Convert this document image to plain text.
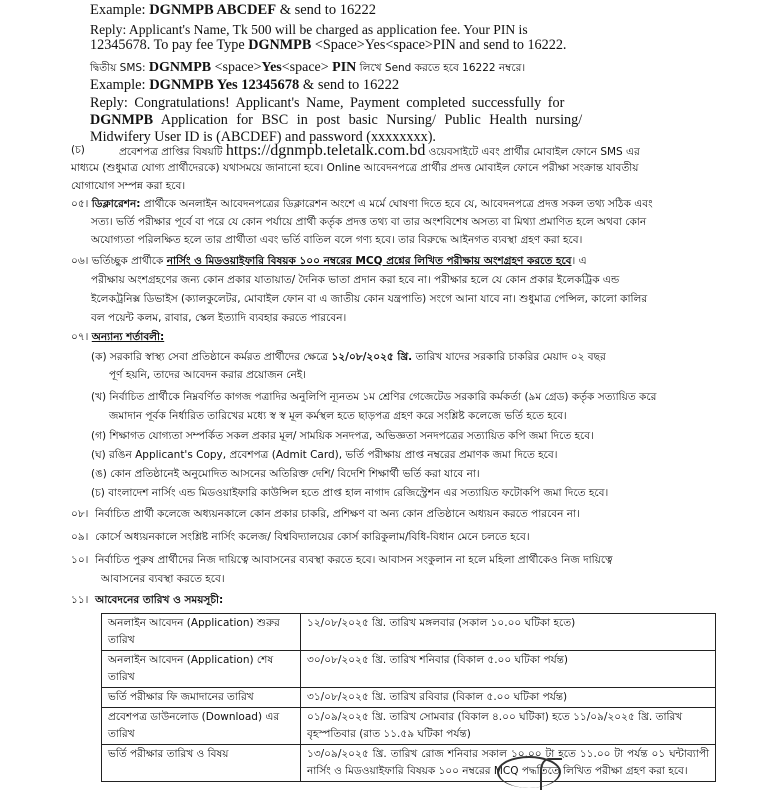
Example: DGNMPB ABCDEF & send to 16222
Reply: Applicant's Name, Tk 500 will be charged as application fee. Your PIN is
12345678. To pay fee Type DGNMPB <Space>Yes<space>PIN and send to 16222.
দ্বিতীয় SMS: DGNMPB <space>Yes<space> PIN লিখে Send করতে হবে 16222 নম্বরে।
Example: DGNMPB Yes 12345678 & send to 16222
Reply: Congratulations! Applicant's Name, Payment completed successfully for
DGNMPB Application for BSC in post basic Nursing/ Public Health nursing/
Midwifery User ID is (ABCDEF) and password (xxxxxxxx).
(চ)	প্রবেশপত্র প্রাপ্তির বিষয়টি https://dgnmpb.teletalk.com.bd ওয়েবসাইটে এবং প্রার্থীর মোবাইল ফোনে SMS এর
মাধ্যমে (শুধুমাত্র যোগ্য প্রার্থীদেরকে) যথাসময়ে জানানো হবে। Online আবেদনপত্রে প্রার্থীর প্রদত্ত মোবাইল ফোনে পরীক্ষা সংক্রান্ত যাবতীয়
যোগাযোগ সম্পন্ন করা হবে।
০৫। ডিক্লারেশন: প্রার্থীকে অনলাইন আবেদনপত্রের ডিক্লারেশন অংশে এ মর্মে ঘোষণা দিতে হবে যে, আবেদনপত্রে প্রদত্ত সকল তথ্য সঠিক এবং
সত্য। ভর্তি পরীক্ষার পূর্বে বা পরে যে কোন পর্যায়ে প্রার্থী কর্তৃক প্রদত্ত তথ্য বা তার অংশবিশেষ অসত্য বা মিথ্যা প্রমাণিত হলে অথবা কোন
অযোগ্যতা পরিলক্ষিত হলে তার প্রার্থীতা এবং ভর্তি বাতিল বলে গণ্য হবে। তার বিরুদ্ধে আইনগত ব্যবস্থা গ্রহণ করা হবে।
০৬। ভর্তিচ্ছুক প্রার্থীকে নার্সিং ও মিডওয়াইফারি বিষয়ক ১০০ নম্বরের MCQ প্রশ্নের লিখিত পরীক্ষায় অংশগ্রহণ করতে হবে। এ
পরীক্ষায় অংশগ্রহণের জন্য কোন প্রকার যাতায়াত/ দৈনিক ভাতা প্রদান করা হবে না। পরীক্ষার হলে যে কোন প্রকার ইলেকট্রিক এন্ড
ইলেকট্রনিক্স ডিভাইস (ক্যালকুলেটর, মোবাইল ফোন বা এ জাতীয় কোন যন্ত্রপাতি) সংগে আনা যাবে না। শুধুমাত্র পেন্সিল, কালো কালির
বল পয়েন্ট কলম, রাবার, স্কেল ইত্যাদি ব্যবহার করতে পারবেন।
০৭। অন্যান্য শর্তাবলী:
(ক) সরকারি স্বাস্থ্য সেবা প্রতিষ্ঠানে কর্মরত প্রার্থীদের ক্ষেত্রে ১২/০৮/২০২৫ খ্রি. তারিখ যাদের সরকারি চাকরির মেয়াদ ০২ বছর
পূর্ণ হয়নি, তাদের আবেদন করার প্রয়োজন নেই।
(খ) নির্বাচিত প্রার্থীকে নিম্নবর্ণিত কাগজ পত্রাদির অনুলিপি ন্যূনতম ১ম শ্রেণির গেজেটেড সরকারি কর্মকর্তা (৯ম গ্রেড) কর্তৃক সত্যায়িত করে
জমাদান পূর্বক নির্ধারিত তারিখের মধ্যে স্ব স্ব মূল কর্মস্থল হতে ছাড়পত্র গ্রহণ করে সংশ্লিষ্ট কলেজে ভর্তি হতে হবে।
(গ) শিক্ষাগত যোগ্যতা সম্পর্কিত সকল প্রকার মূল/ সাময়িক সনদপত্র, অভিজ্ঞতা সনদপত্রের সত্যায়িত কপি জমা দিতে হবে।
(ঘ) রঙিন Applicant's Copy, প্রবেশপত্র (Admit Card), ভর্তি পরীক্ষায় প্রাপ্ত নম্বরের প্রমাণক জমা দিতে হবে।
(ঙ) কোন প্রতিষ্ঠানেই অনুমোদিত আসনের অতিরিক্ত দেশি/ বিদেশি শিক্ষার্থী ভর্তি করা যাবে না।
(চ) বাংলাদেশ নার্সিং এন্ড মিডওয়াইফারি কাউন্সিল হতে প্রাপ্ত হাল নাগাদ রেজিস্ট্রেশন এর সত্যায়িত ফটোকপি জমা দিতে হবে।
০৮। নির্বাচিত প্রার্থী কলেজে অধ্যয়নকালে কোন প্রকার চাকরি, প্রশিক্ষণ বা অন্য কোন প্রতিষ্ঠানে অধ্যয়ন করতে পারবেন না।
০৯। কোর্সে অধ্যয়নকালে সংশ্লিষ্ট নার্সিং কলেজ/ বিশ্ববিদ্যালয়ের কোর্স কারিকুলাম/বিধি-বিধান মেনে চলতে হবে।
১০। নির্বাচিত পুরুষ প্রার্থীদের নিজ দায়িত্বে আবাসনের ব্যবস্থা করতে হবে। আবাসন সংকুলান না হলে মহিলা প্রার্থীকেও নিজ দায়িত্বে
আবাসনের ব্যবস্থা করতে হবে।
১১। আবেদনের তারিখ ও সময়সূচী:
অনলাইন আবেদন (Application) শুরুর তারিখ	১২/০৮/২০২৫ খ্রি. তারিখ মঙ্গলবার (সকাল ১০.০০ ঘটিকা হতে)
অনলাইন আবেদন (Application) শেষ তারিখ	৩০/০৮/২০২৫ খ্রি. তারিখ শনিবার (বিকাল ৫.০০ ঘটিকা পর্যন্ত)
ভর্তি পরীক্ষার ফি জমাদানের তারিখ	৩১/০৮/২০২৫ খ্রি. তারিখ রবিবার (বিকাল ৫.০০ ঘটিকা পর্যন্ত)
প্রবেশপত্র ডাউনলোড (Download) এর তারিখ	০১/০৯/২০২৫ খ্রি. তারিখ সোমবার (বিকাল ৪.০০ ঘটিকা) হতে ১১/০৯/২০২৫ খ্রি. তারিখ বৃহস্পতিবার (রাত ১১.৫৯ ঘটিকা পর্যন্ত)
ভর্তি পরীক্ষার তারিখ ও বিষয়	১৩/০৯/২০২৫ খ্রি. তারিখ রোজ শনিবার সকাল ১০.০০ টা হতে ১১.০০ টা পর্যন্ত ০১ ঘন্টাব্যাপী নার্সিং ও মিডওয়াইফারি বিষয়ক ১০০ নম্বরের MCQ পদ্ধতিতে লিখিত পরীক্ষা গ্রহণ করা হবে।
